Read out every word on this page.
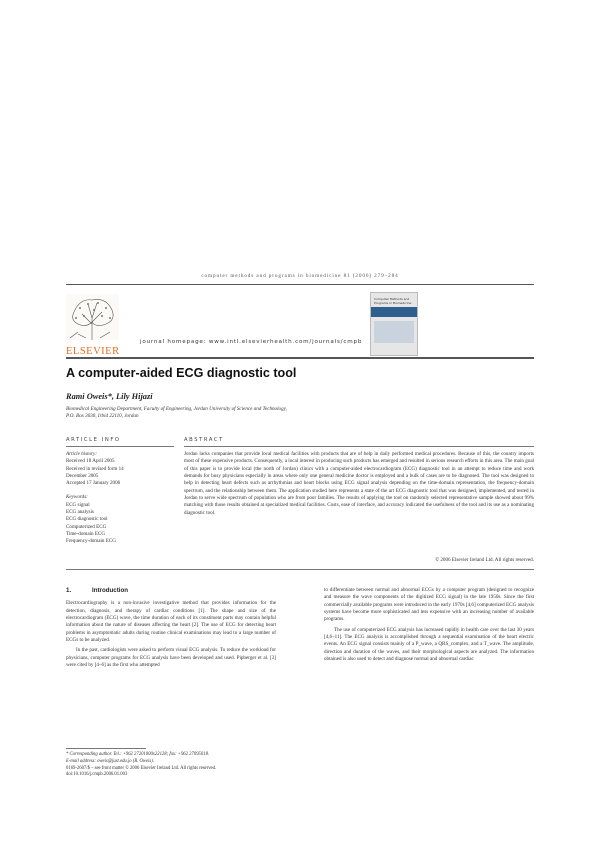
computer methods and programs in biomedicine 81 (2006) 279–284
ELSEVIER
journal homepage: www.intl.elsevierhealth.com/journals/cmpb
Computer Methods and Programs in Biomedicine
A computer-aided ECG diagnostic tool
Rami Oweis*, Lily Hijazi
Biomedical Engineering Department, Faculty of Engineering, Jordan University of Science and Technology,
P.O. Box 3030, Irbid 22110, Jordan
ARTICLE INFO	ABSTRACT
Article history:
Received 18 April 2005
Received in revised form 14
December 2005
Accepted 17 January 2006
Keywords:
ECG signal
ECG analysis
ECG diagnostic tool
Computerized ECG
Time-domain ECG
Frequency-domain ECG
Jordan lacks companies that provide local medical facilities with products that are of help in daily performed medical procedures. Because of this, the country imports most of these expensive products. Consequently, a local interest in producing such products has emerged and resulted in serious research efforts in this area. The main goal of this paper is to provide local (the north of Jordan) clinics with a computer-aided electrocardiogram (ECG) diagnostic tool in an attempt to reduce time and work demands for busy physicians especially in areas where only one general medicine doctor is employed and a bulk of cases are to be diagnosed. The tool was designed to help in detecting heart defects such as arrhythmias and heart blocks using ECG signal analysis depending on the time-domain representation, the frequency-domain spectrum, and the relationship between them. The application studied here represents a state of the art ECG diagnostic tool that was designed, implemented, and tested in Jordan to serve wide spectrum of population who are from poor families. The results of applying the tool on randomly selected representative sample showed about 99% matching with those results obtained at specialized medical facilities. Costs, ease of interface, and accuracy indicated the usefulness of the tool and its use as a nominating diagnostic tool.
© 2006 Elsevier Ireland Ltd. All rights reserved.
1.	Introduction

Electrocardiography is a non-invasive investigative method that provides information for the detection, diagnosis, and therapy of cardiac conditions [1]. The shape and size of the electrocardiogram (ECG) wave, the time duration of each of its constituent parts may contain helpful information about the nature of diseases affecting the heart [2]. The use of ECG for detecting heart problems in asymptomatic adults during routine clinical examinations may lead to a large number of ECGs to be analyzed.

In the past, cardiologists were asked to perform visual ECG analysis. To reduce the workload for physicians, computer programs for ECG analysis have been developed and used. Pipberger et al. [3] were cited by [4–6] as the first who attempted

to differentiate between normal and abnormal ECGs by a computer program (designed to recognize and measure the wave components of the digitized ECG signal) in the late 1950s. Since the first commercially available programs were introduced in the early 1970s [4,6] computerized ECG analysis systems have become more sophisticated and less expensive with an increasing number of available programs.

The use of computerized ECG analysis has increased rapidly in health care over the last 30 years [4,6–11]. The ECG analysis is accomplished through a sequential examination of the heart electric events. An ECG signal consists mainly of a P_wave, a QRS_complex, and a T_wave. The amplitude, direction and duration of the waves, and their morphological aspects are analyzed. The information obtained is also used to detect and diagnose normal and abnormal cardiac

* Corresponding author. Tel.: +962 27201000x22128; fax: +962 27095018.
E-mail address: oweis@just.edu.jo (R. Oweis).
0169-2607/$ – see front matter © 2006 Elsevier Ireland Ltd. All rights reserved.
doi:10.1016/j.cmpb.2006.01.003
